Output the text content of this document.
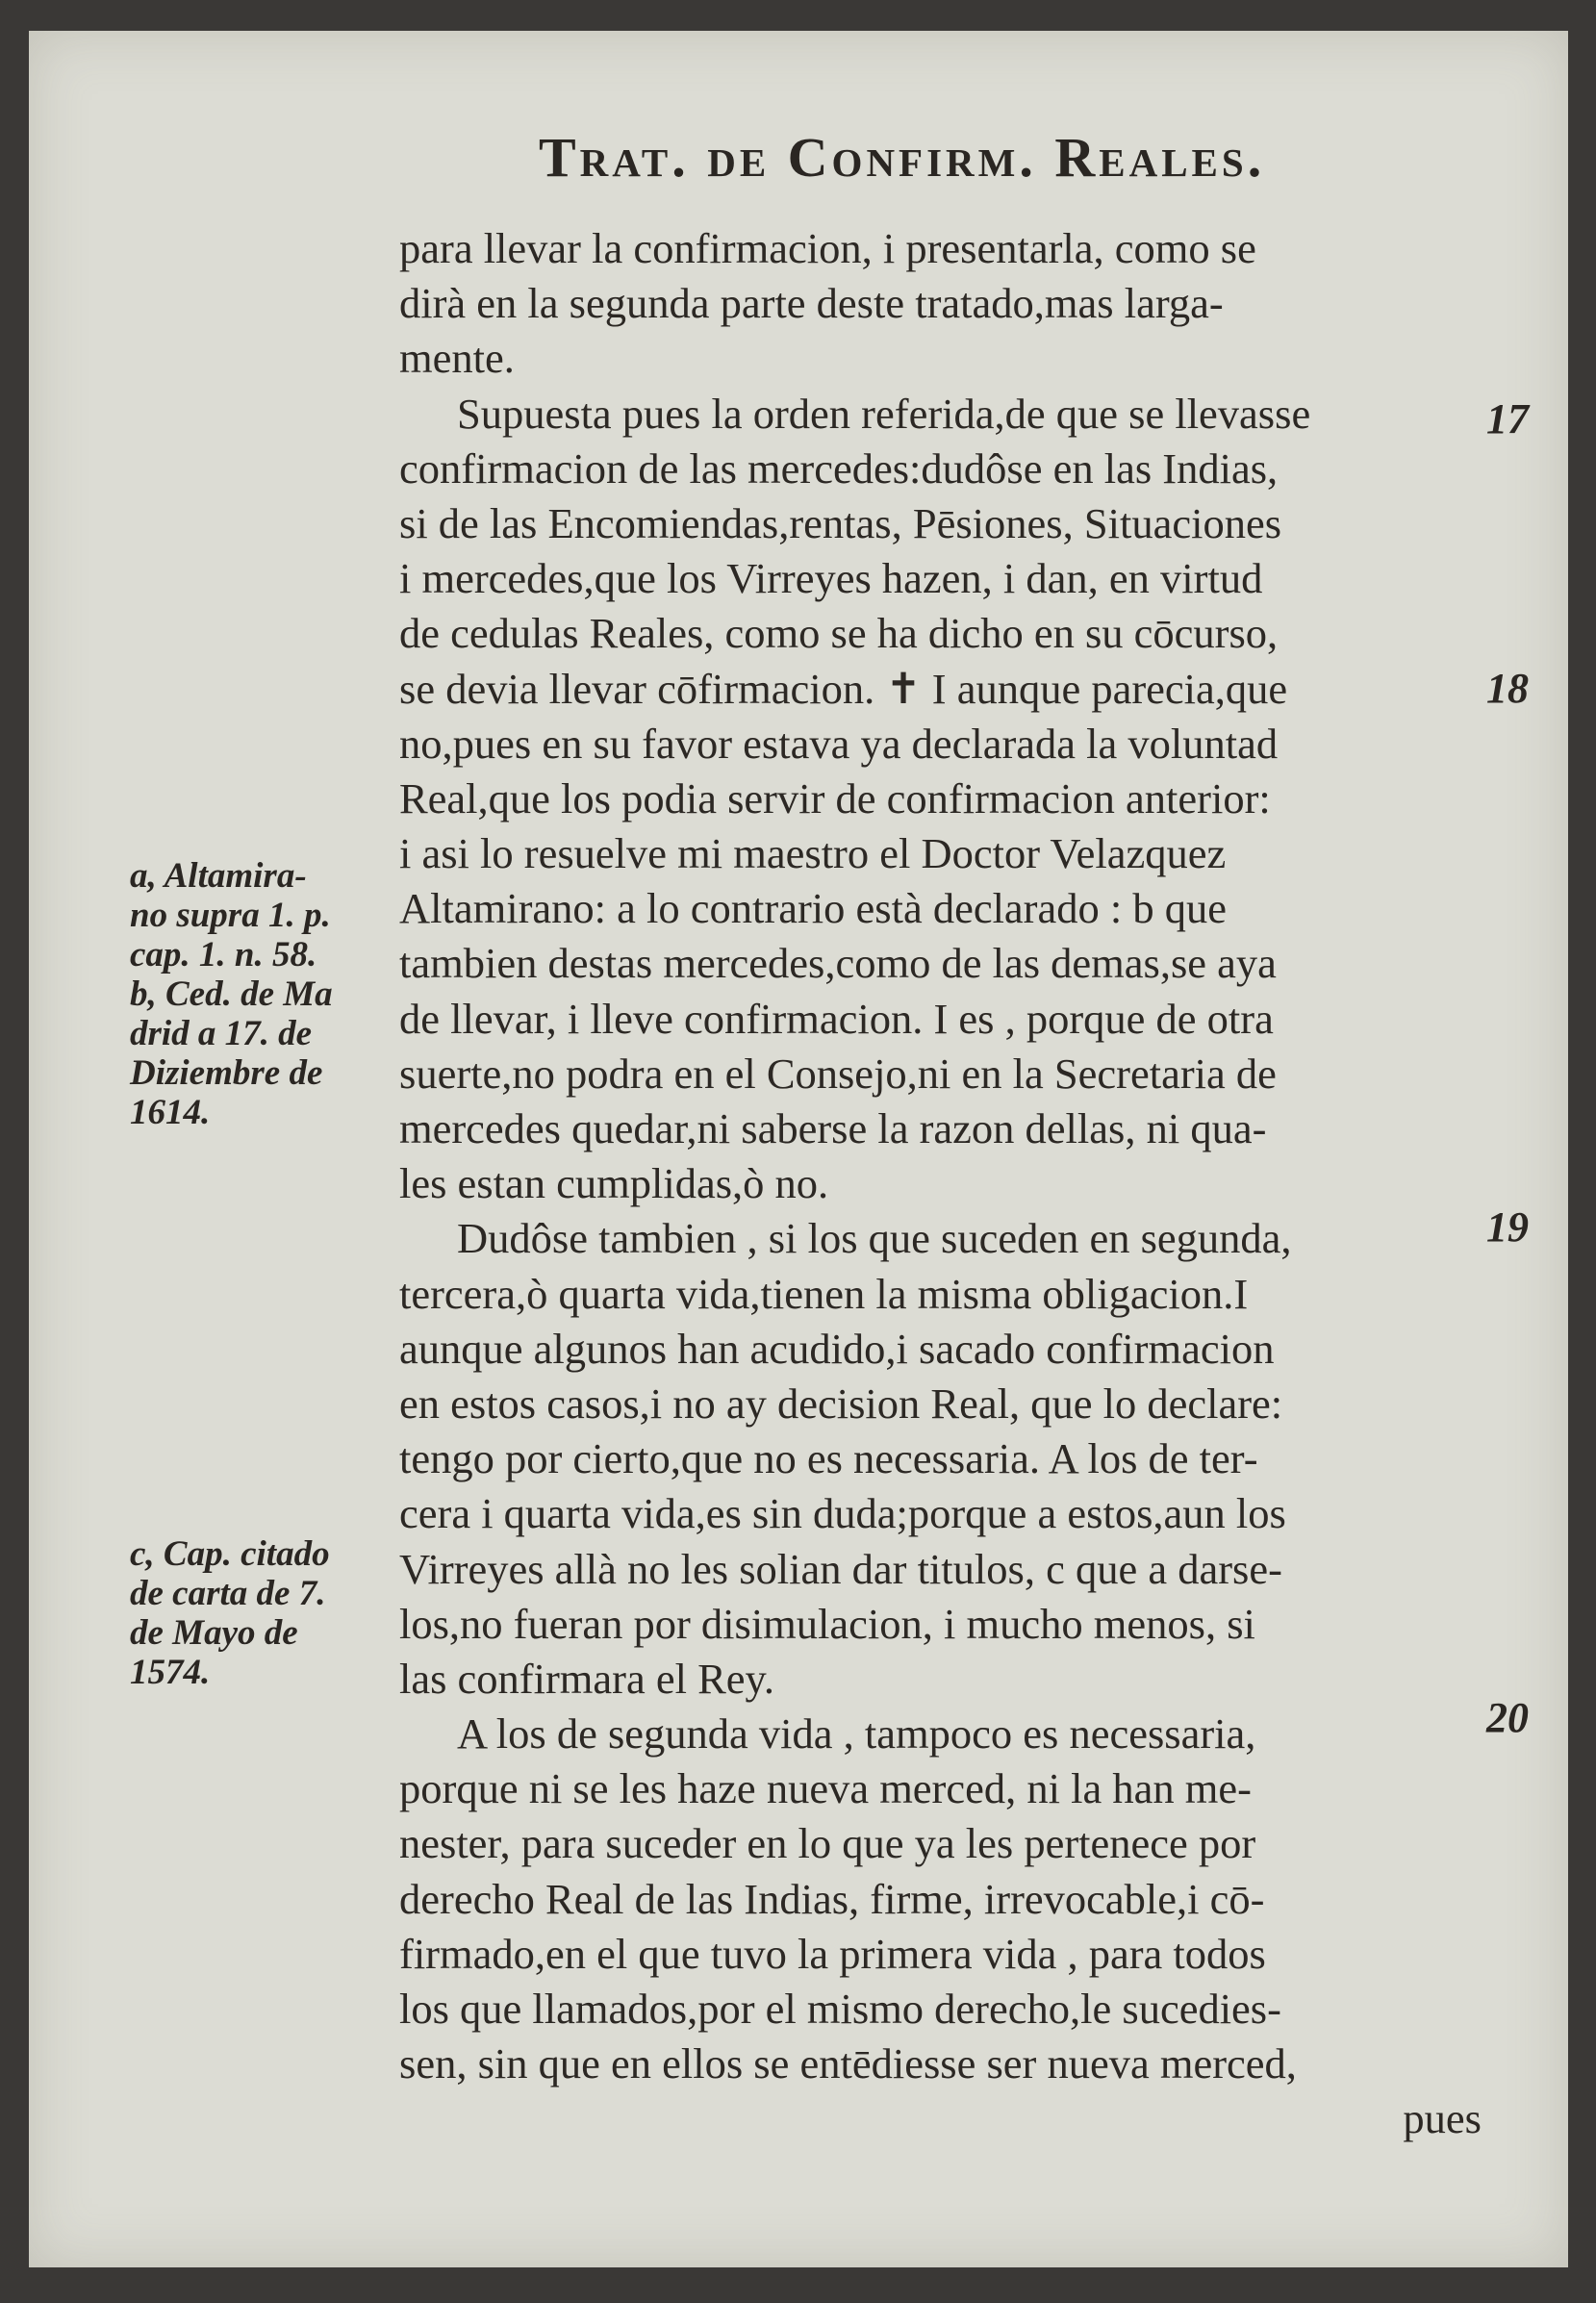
Trat. de Confirm. Reales.
para llevar la confirmacion, i presentarla, como se
dirà en la segunda parte deste tratado,mas larga-
mente.
Supuesta pues la orden referida,de que se llevasse
confirmacion de las mercedes:dudôse en las Indias,
si de las Encomiendas,rentas, Pēsiones, Situaciones
i mercedes,que los Virreyes hazen, i dan, en virtud
de cedulas Reales, como se ha dicho en su cōcurso,
se devia llevar cōfirmacion. ✝ I aunque parecia,que
no,pues en su favor estava ya declarada la voluntad
Real,que los podia servir de confirmacion anterior:
i asi lo resuelve mi maestro el Doctor Velazquez
Altamirano: a lo contrario està declarado : b que
tambien destas mercedes,como de las demas,se aya
de llevar, i lleve confirmacion. I es , porque de otra
suerte,no podra en el Consejo,ni en la Secretaria de
mercedes quedar,ni saberse la razon dellas, ni qua-
les estan cumplidas,ò no.
Dudôse tambien , si los que suceden en segunda,
tercera,ò quarta vida,tienen la misma obligacion.I
aunque algunos han acudido,i sacado confirmacion
en estos casos,i no ay decision Real, que lo declare:
tengo por cierto,que no es necessaria. A los de ter-
cera i quarta vida,es sin duda;porque a estos,aun los
Virreyes allà no les solian dar titulos, c que a darse-
los,no fueran por disimulacion, i mucho menos, si
las confirmara el Rey.
A los de segunda vida , tampoco es necessaria,
porque ni se les haze nueva merced, ni la han me-
nester, para suceder en lo que ya les pertenece por
derecho Real de las Indias, firme, irrevocable,i cō-
firmado,en el que tuvo la primera vida , para todos
los que llamados,por el mismo derecho,le sucedies-
sen, sin que en ellos se entēdiesse ser nueva merced,
pues
17
18
19
20
a, Altamira-
no supra 1. p.
cap. 1. n. 58.
b, Ced. de Ma
drid a 17. de
Diziembre de
1614.
c, Cap. citado
de carta de 7.
de Mayo de
1574.
